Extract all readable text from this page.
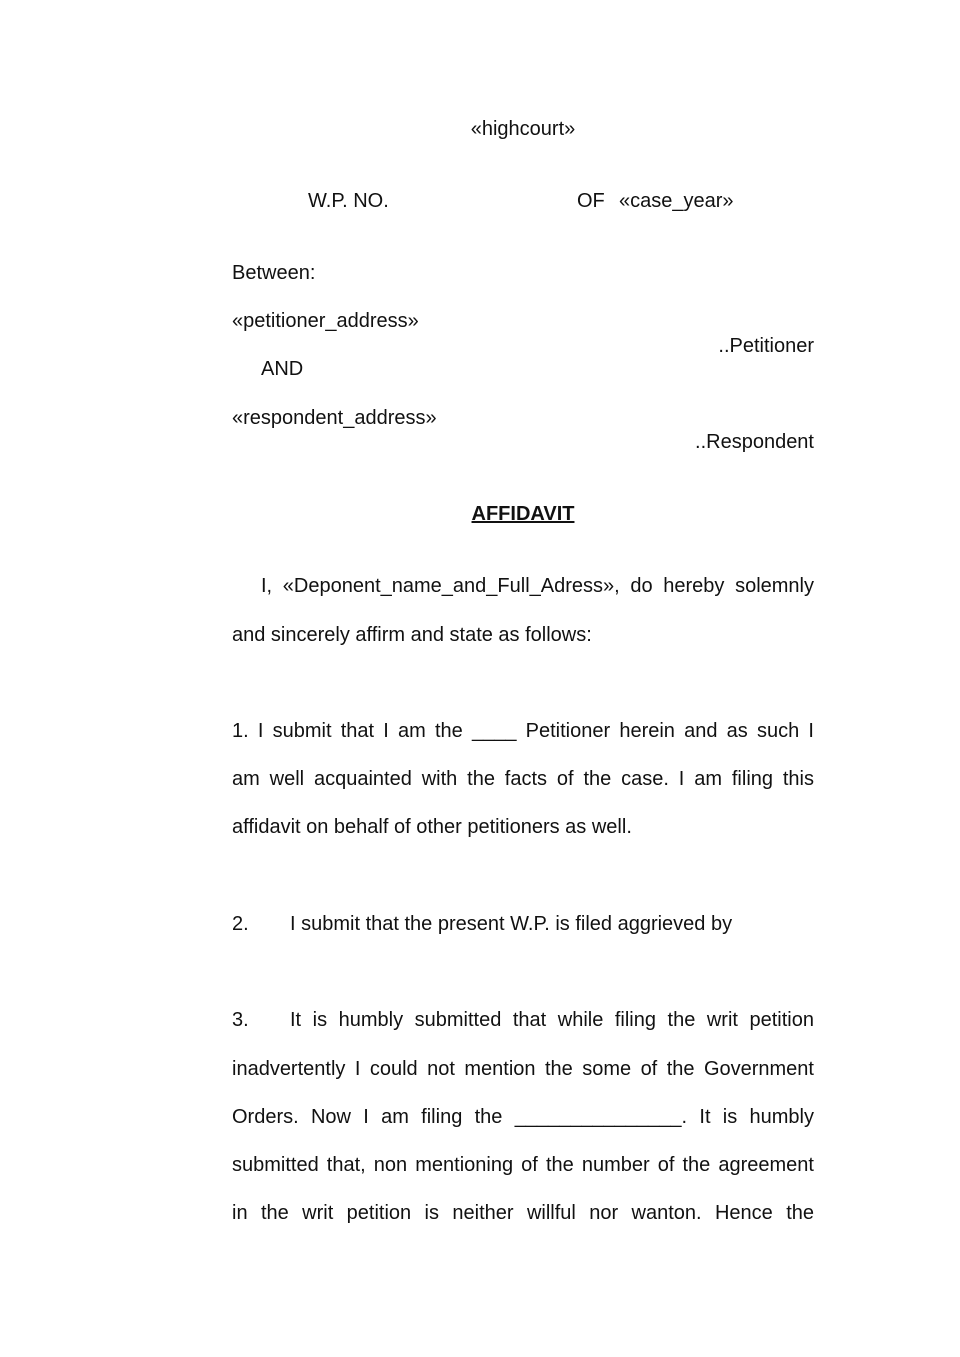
«highcourt»
W.P. NO.	OF «case_year»
Between:
«petitioner_address»
..Petitioner
AND
«respondent_address»
..Respondent
AFFIDAVIT
I, «Deponent_name_and_Full_Adress», do hereby solemnly
and sincerely affirm and state as follows:
1. I submit that I am the ____ Petitioner herein and as such I
am well acquainted with the facts of the case. I am filing this
affidavit on behalf of other petitioners as well.
2. I submit that the present W.P. is filed aggrieved by
3. It is humbly submitted that while filing the writ petition
inadvertently I could not mention the some of the Government
Orders. Now I am filing the _______________. It is humbly
submitted that, non mentioning of the number of the agreement
in the writ petition is neither willful nor wanton. Hence the
